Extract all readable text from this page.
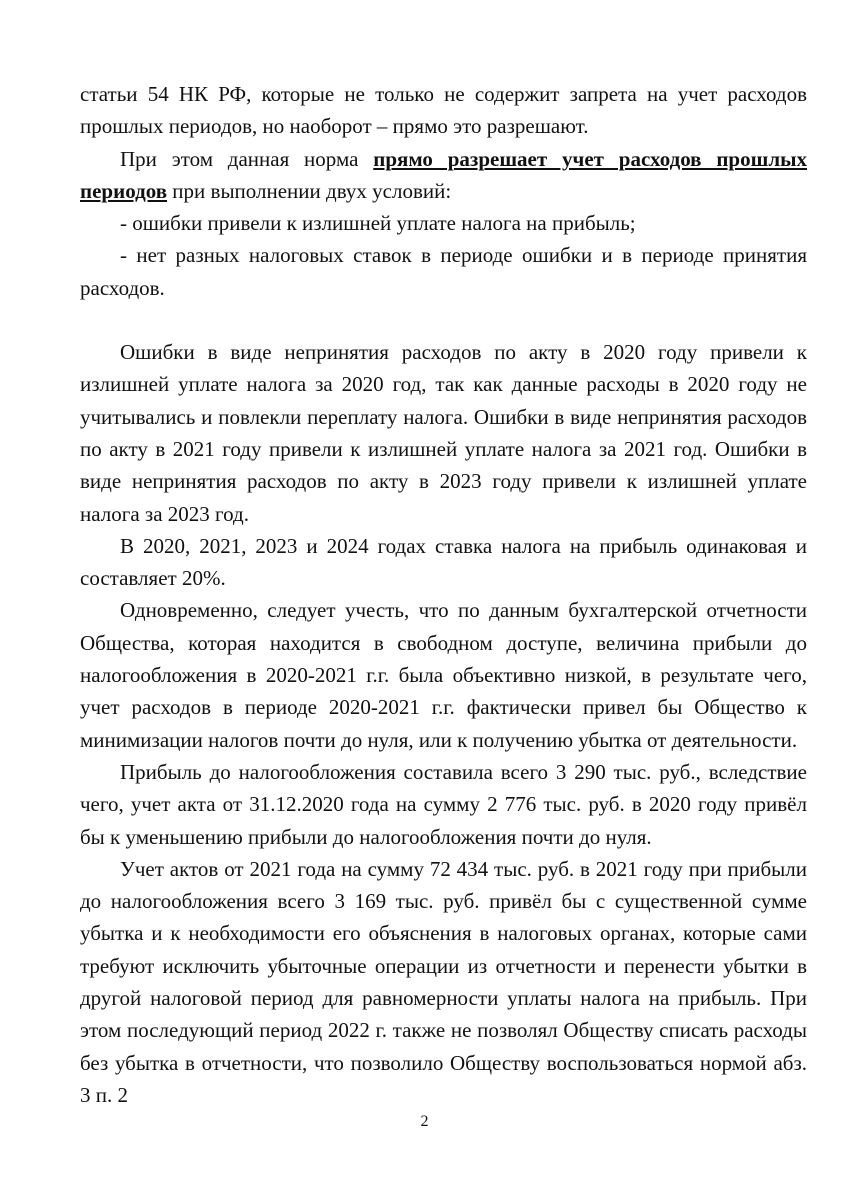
статьи 54 НК РФ, которые не только не содержит запрета на учет расходов прошлых периодов, но наоборот – прямо это разрешают.

При этом данная норма прямо разрешает учет расходов прошлых периодов при выполнении двух условий:

- ошибки привели к излишней уплате налога на прибыль;

- нет разных налоговых ставок в периоде ошибки и в периоде принятия расходов.

Ошибки в виде непринятия расходов по акту в 2020 году привели к излишней уплате налога за 2020 год, так как данные расходы в 2020 году не учитывались и повлекли переплату налога. Ошибки в виде непринятия расходов по акту в 2021 году привели к излишней уплате налога за 2021 год. Ошибки в виде непринятия расходов по акту в 2023 году привели к излишней уплате налога за 2023 год.

В 2020, 2021, 2023 и 2024 годах ставка налога на прибыль одинаковая и составляет 20%.

Одновременно, следует учесть, что по данным бухгалтерской отчетности Общества, которая находится в свободном доступе, величина прибыли до налогообложения в 2020-2021 г.г. была объективно низкой, в результате чего, учет расходов в периоде 2020-2021 г.г. фактически привел бы Общество к минимизации налогов почти до нуля, или к получению убытка от деятельности.

Прибыль до налогообложения составила всего 3 290 тыс. руб., вследствие чего, учет акта от 31.12.2020 года на сумму 2 776 тыс. руб. в 2020 году привёл бы к уменьшению прибыли до налогообложения почти до нуля.

Учет актов от 2021 года на сумму 72 434 тыс. руб. в 2021 году при прибыли до налогообложения всего 3 169 тыс. руб. привёл бы с существенной сумме убытка и к необходимости его объяснения в налоговых органах, которые сами требуют исключить убыточные операции из отчетности и перенести убытки в другой налоговой период для равномерности уплаты налога на прибыль. При этом последующий период 2022 г. также не позволял Обществу списать расходы без убытка в отчетности, что позволило Обществу воспользоваться нормой абз. 3 п. 2

2
